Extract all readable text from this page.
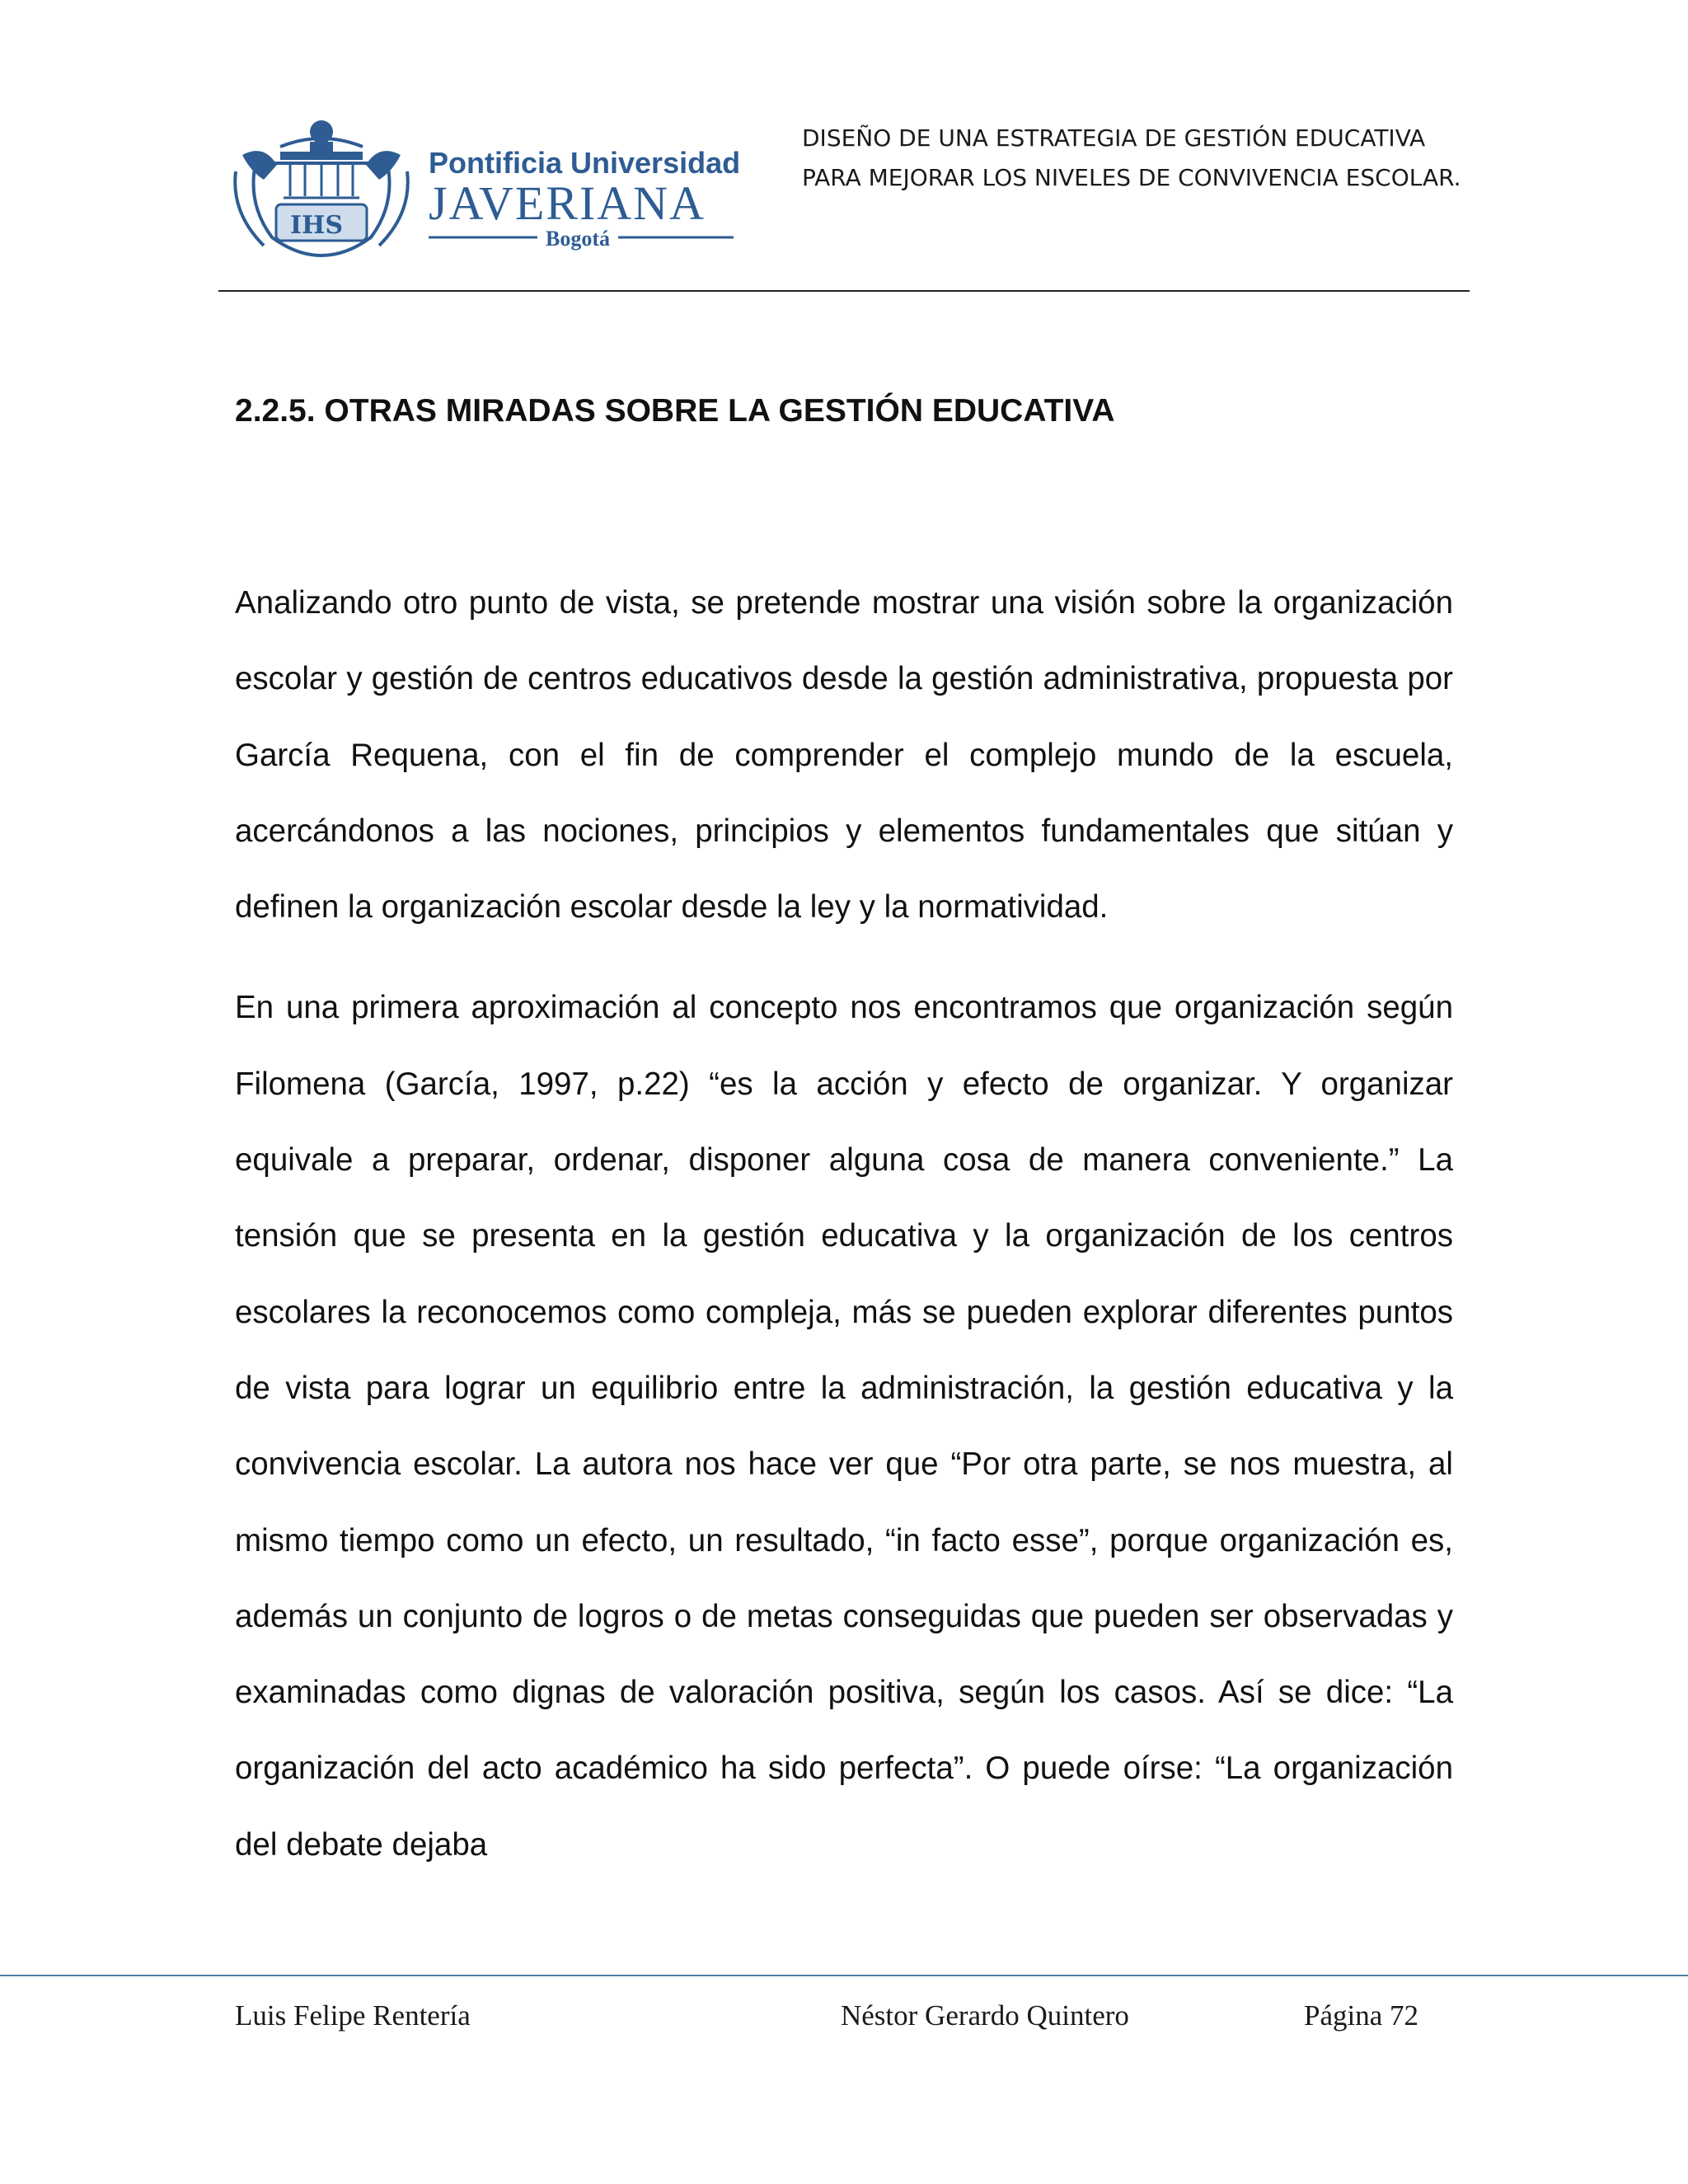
IHS
Pontificia Universidad
JAVERIANA
Bogotá
DISEÑO DE UNA ESTRATEGIA DE GESTIÓN EDUCATIVA
PARA MEJORAR LOS NIVELES DE CONVIVENCIA ESCOLAR.
2.2.5. OTRAS MIRADAS SOBRE LA GESTIÓN EDUCATIVA

Analizando otro punto de vista, se pretende mostrar una visión sobre la organización escolar y gestión de centros educativos desde la gestión administrativa, propuesta por García Requena, con el fin de comprender el complejo mundo de la escuela, acercándonos a las nociones, principios y elementos fundamentales que sitúan y definen la organización escolar desde la ley y la normatividad.

En una primera aproximación al concepto nos encontramos que organización según Filomena (García, 1997, p.22) “es la acción y efecto de organizar. Y organizar equivale a preparar, ordenar, disponer alguna cosa de manera conveniente.” La tensión que se presenta en la gestión educativa y la organización de los centros escolares la reconocemos como compleja, más se pueden explorar diferentes puntos de vista para lograr un equilibrio entre la administración, la gestión educativa y la convivencia escolar. La autora nos hace ver que “Por otra parte, se nos muestra, al mismo tiempo como un efecto, un resultado, “in facto esse”, porque organización es, además un conjunto de logros o de metas conseguidas que pueden ser observadas y examinadas como dignas de valoración positiva, según los casos. Así se dice: “La organización del acto académico ha sido perfecta”. O puede oírse: “La organización del debate dejaba

Luis Felipe Rentería	Néstor Gerardo Quintero	Página 72
